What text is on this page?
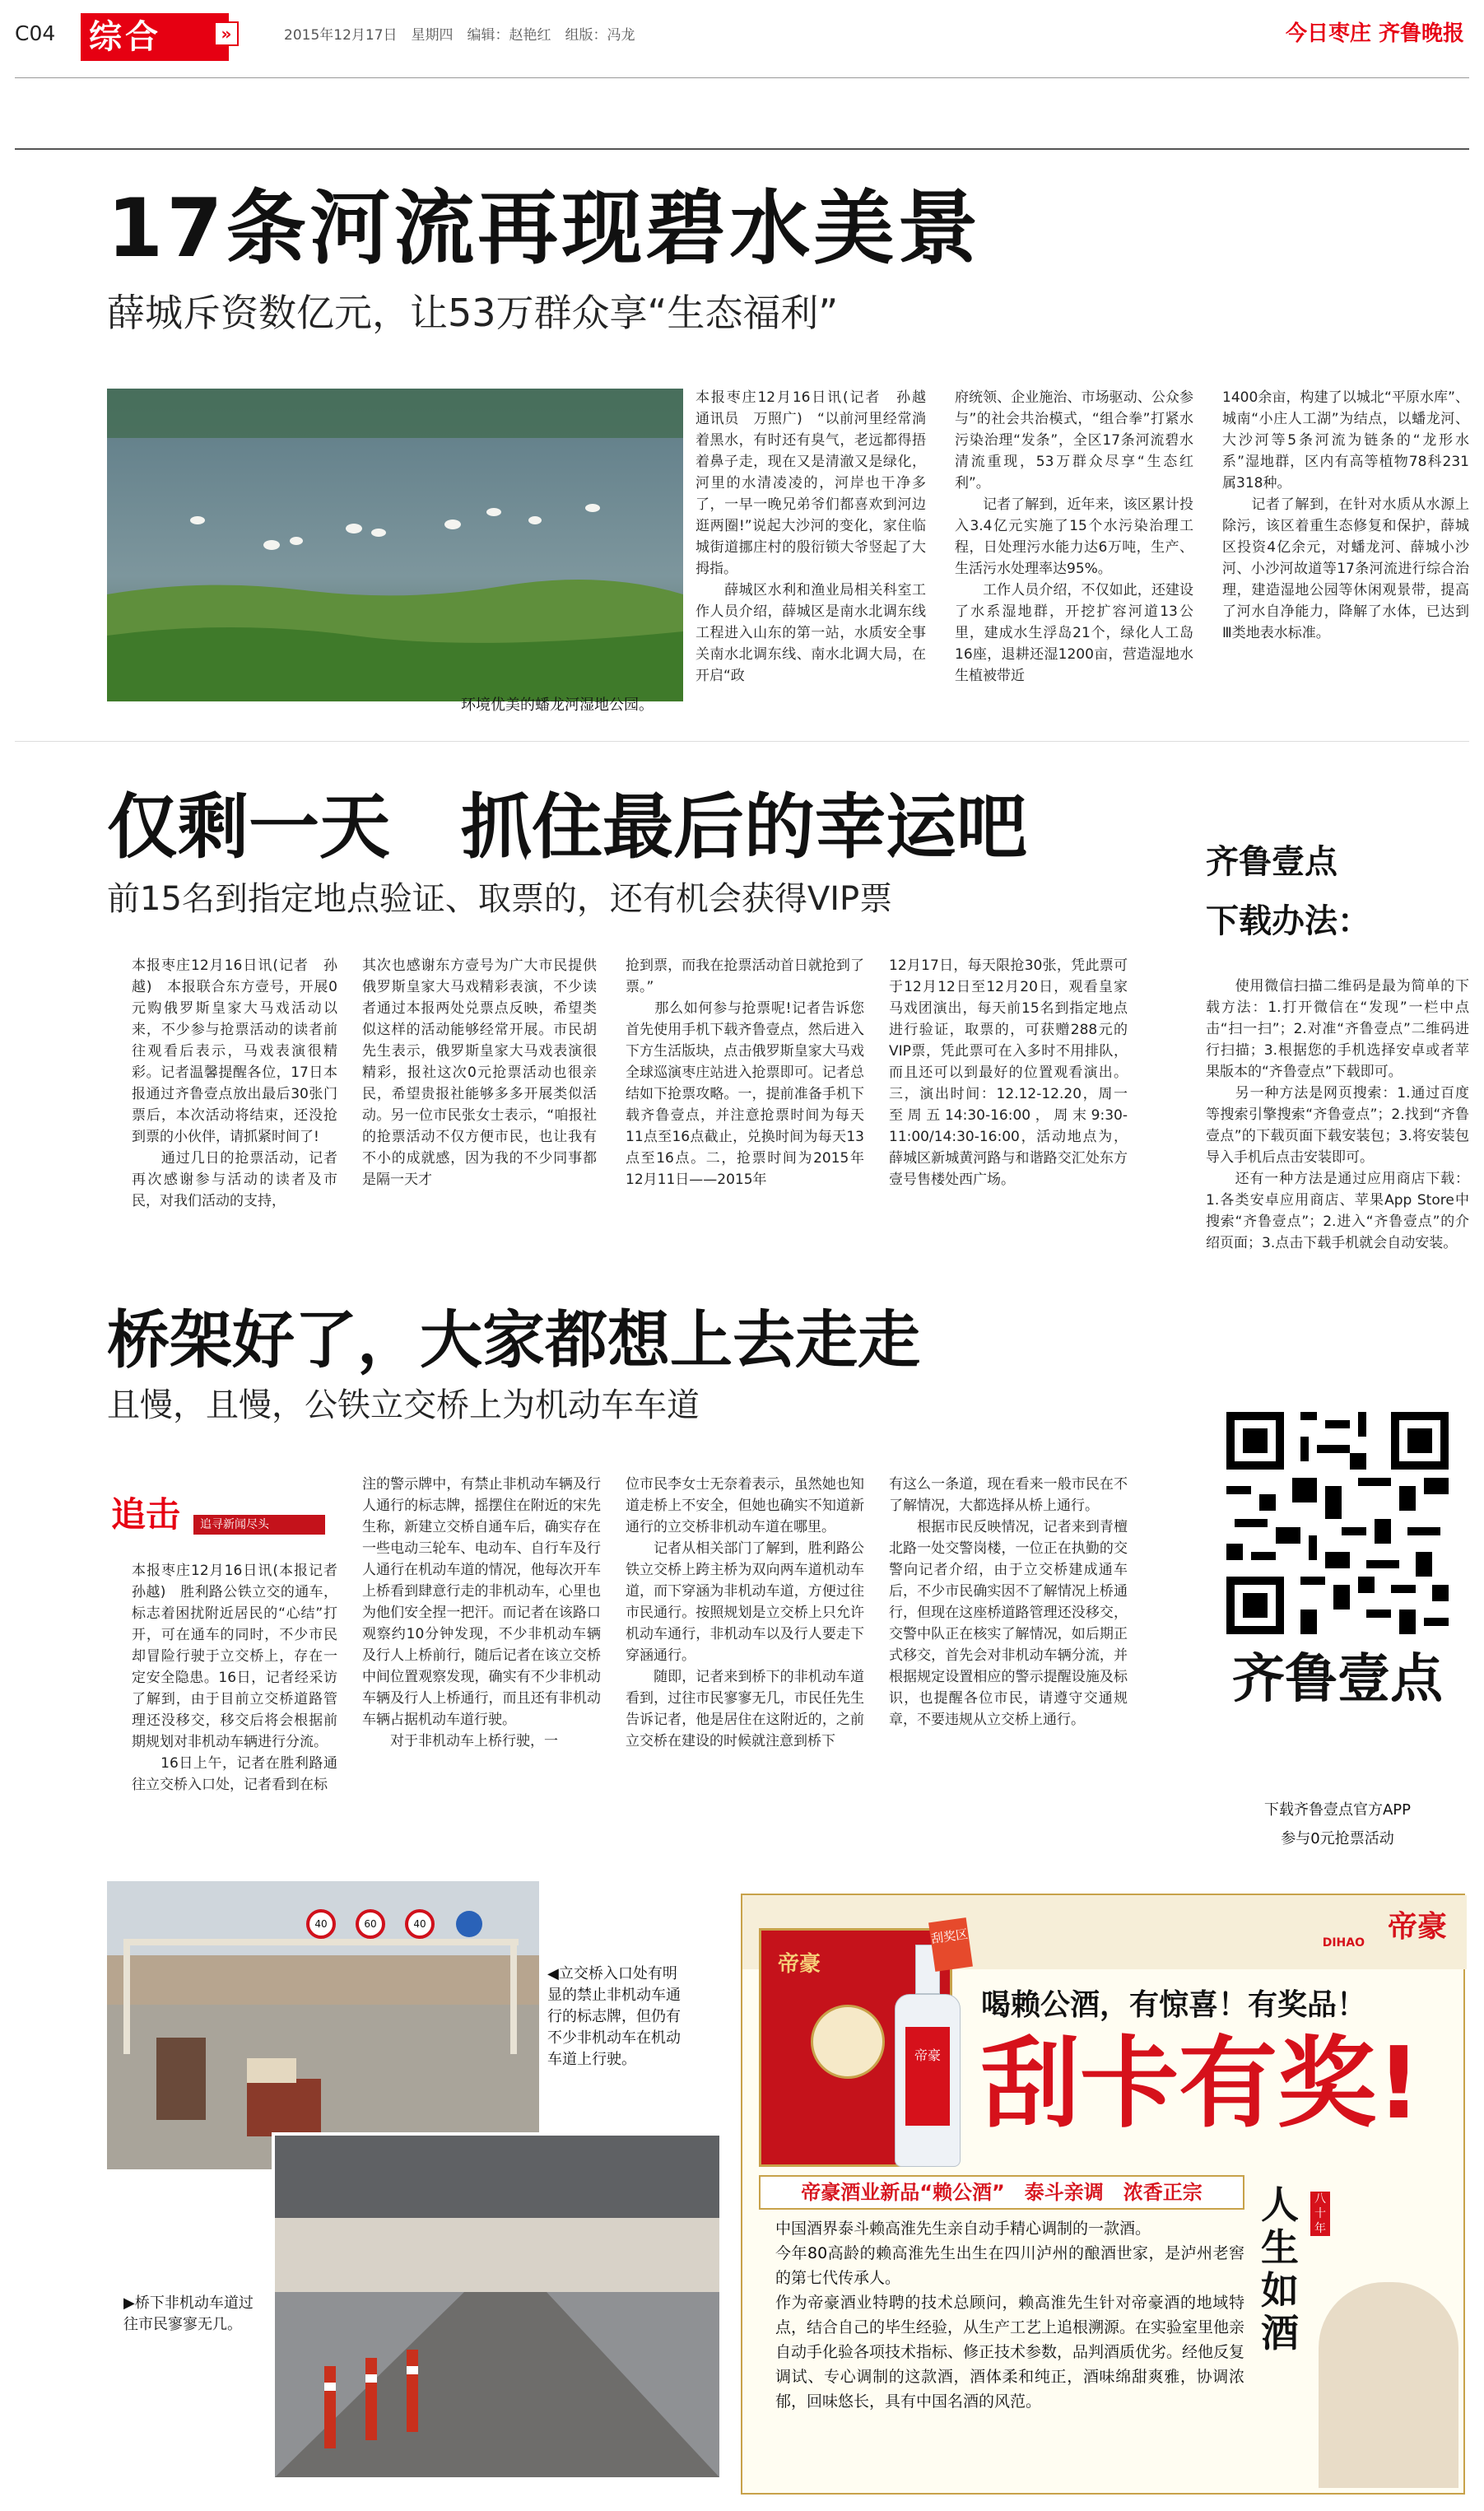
C04 综合	»	2015年12月17日　星期四　编辑：赵艳红　组版：冯龙	今日枣庄 齐鲁晚报
17条河流再现碧水美景
薛城斥资数亿元，让53万群众享“生态福利”
环境优美的蟠龙河湿地公园。
本报枣庄12月16日讯(记者　孙越　通讯员　万照广)　“以前河里经常淌着黑水，有时还有臭气，老远都得捂着鼻子走，现在又是清澈又是绿化，河里的水清凌凌的，河岸也干净多了，一早一晚兄弟爷们都喜欢到河边逛两圈!”说起大沙河的变化，家住临城街道挪庄村的殷衍锁大爷竖起了大拇指。
　　薛城区水利和渔业局相关科室工作人员介绍，薛城区是南水北调东线工程进入山东的第一站，水质安全事关南水北调东线、南水北调大局，在开启“政
府统领、企业施治、市场驱动、公众参与”的社会共治模式，“组合拳”打紧水污染治理“发条”，全区17条河流碧水清流重现，53万群众尽享“生态红利”。
　　记者了解到，近年来，该区累计投入3.4亿元实施了15个水污染治理工程，日处理污水能力达6万吨，生产、生活污水处理率达95%。
　　工作人员介绍，不仅如此，还建设了水系湿地群，开挖扩容河道13公里，建成水生浮岛21个，绿化人工岛16座，退耕还湿1200亩，营造湿地水生植被带近
1400余亩，构建了以城北“平原水库”、城南“小庄人工湖”为结点，以蟠龙河、大沙河等5条河流为链条的“龙形水系”湿地群，区内有高等植物78科231属318种。
　　记者了解到，在针对水质从水源上除污，该区着重生态修复和保护，薛城区投资4亿余元，对蟠龙河、薛城小沙河、小沙河故道等17条河流进行综合治理，建造湿地公园等休闲观景带，提高了河水自净能力，降解了水体，已达到Ⅲ类地表水标准。
仅剩一天　抓住最后的幸运吧
前15名到指定地点验证、取票的，还有机会获得VIP票
本报枣庄12月16日讯(记者　孙越)　本报联合东方壹号，开展0元购俄罗斯皇家大马戏活动以来，不少参与抢票活动的读者前往观看后表示，马戏表演很精彩。记者温馨提醒各位，17日本报通过齐鲁壹点放出最后30张门票后，本次活动将结束，还没抢到票的小伙伴，请抓紧时间了!
　　通过几日的抢票活动，记者再次感谢参与活动的读者及市民，对我们活动的支持，
其次也感谢东方壹号为广大市民提供俄罗斯皇家大马戏精彩表演，不少读者通过本报两处兑票点反映，希望类似这样的活动能够经常开展。市民胡先生表示，俄罗斯皇家大马戏表演很精彩，报社这次0元抢票活动也很亲民，希望贵报社能够多多开展类似活动。另一位市民张女士表示，“咱报社的抢票活动不仅方便市民，也让我有不小的成就感，因为我的不少同事都是隔一天才
抢到票，而我在抢票活动首日就抢到了票。”
　　那么如何参与抢票呢!记者告诉您首先使用手机下载齐鲁壹点，然后进入下方生活版块，点击俄罗斯皇家大马戏全球巡演枣庄站进入抢票即可。记者总结如下抢票攻略。一，提前准备手机下载齐鲁壹点，并注意抢票时间为每天11点至16点截止，兑换时间为每天13点至16点。二，抢票时间为2015年12月11日——2015年
12月17日，每天限抢30张，凭此票可于12月12日至12月20日，观看皇家马戏团演出，每天前15名到指定地点进行验证，取票的，可获赠288元的VIP票，凭此票可在入多时不用排队，而且还可以到最好的位置观看演出。三，演出时间：12.12-12.20，周一至周五14:30-16:00，周末9:30-11:00/14:30-16:00，活动地点为，薛城区新城黄河路与和谐路交汇处东方壹号售楼处西广场。
齐鲁壹点
下载办法：
　　使用微信扫描二维码是最为简单的下载方法：1.打开微信在“发现”一栏中点击“扫一扫”；2.对准“齐鲁壹点”二维码进行扫描；3.根据您的手机选择安卓或者苹果版本的“齐鲁壹点”下载即可。
　　另一种方法是网页搜索：1.通过百度等搜索引擎搜索“齐鲁壹点”；2.找到“齐鲁壹点”的下载页面下载安装包；3.将安装包导入手机后点击安装即可。
　　还有一种方法是通过应用商店下载：1.各类安卓应用商店、苹果App Store中搜索“齐鲁壹点”；2.进入“齐鲁壹点”的介绍页面；3.点击下载手机就会自动安装。
齐鲁壹点
下载齐鲁壹点官方APP
参与0元抢票活动
桥架好了，大家都想上去走走
且慢，且慢，公铁立交桥上为机动车车道
追击	追寻新闻尽头
本报枣庄12月16日讯(本报记者　孙越)　胜利路公铁立交的通车，标志着困扰附近居民的“心结”打开，可在通车的同时，不少市民却冒险行驶于立交桥上，存在一定安全隐患。16日，记者经采访了解到，由于目前立交桥道路管理还没移交，移交后将会根据前期规划对非机动车辆进行分流。
　　16日上午，记者在胜利路通往立交桥入口处，记者看到在标
注的警示牌中，有禁止非机动车辆及行人通行的标志牌，摇摆住在附近的宋先生称，新建立交桥自通车后，确实存在一些电动三轮车、电动车、自行车及行人通行在机动车道的情况，他每次开车上桥看到肆意行走的非机动车，心里也为他们安全捏一把汗。而记者在该路口观察约10分钟发现，不少非机动车辆及行人上桥前行，随后记者在该立交桥中间位置观察发现，确实有不少非机动车辆及行人上桥通行，而且还有非机动车辆占据机动车道行驶。
　　对于非机动车上桥行驶，一
位市民李女士无奈着表示，虽然她也知道走桥上不安全，但她也确实不知道新通行的立交桥非机动车道在哪里。
　　记者从相关部门了解到，胜利路公铁立交桥上跨主桥为双向两车道机动车道，而下穿涵为非机动车道，方便过往市民通行。按照规划是立交桥上只允许机动车通行，非机动车以及行人要走下穿涵通行。
　　随即，记者来到桥下的非机动车道看到，过往市民寥寥无几，市民任先生告诉记者，他是居住在这附近的，之前立交桥在建设的时候就注意到桥下
有这么一条道，现在看来一般市民在不了解情况，大都选择从桥上通行。
　　根据市民反映情况，记者来到青檀北路一处交警岗楼，一位正在执勤的交警向记者介绍，由于立交桥建成通车后，不少市民确实因不了解情况上桥通行，但现在这座桥道路管理还没移交，交警中队正在核实了解情况，如后期正式移交，首先会对非机动车辆分流，并根据规定设置相应的警示提醒设施及标识，也提醒各位市民，请遵守交通规章，不要违规从立交桥上通行。
40	60	40
◀立交桥入口处有明显的禁止非机动车通行的标志牌，但仍有不少非机动车在机动车道上行驶。
▶桥下非机动车道过往市民寥寥无几。
帝豪
DIHAO
帝豪
帝豪
刮奖区
喝赖公酒，有惊喜！有奖品！
刮卡有奖!
帝豪酒业新品“赖公酒”　泰斗亲调　浓香正宗
中国酒界泰斗赖高淮先生亲自动手精心调制的一款酒。
今年80高龄的赖高淮先生出生在四川泸州的酿酒世家，是泸州老窖的第七代传承人。
作为帝豪酒业特聘的技术总顾问，赖高淮先生针对帝豪酒的地域特点，结合自己的毕生经验，从生产工艺上追根溯源。在实验室里他亲自动手化验各项技术指标、修正技术参数，品判酒质优劣。经他反复调试、专心调制的这款酒，酒体柔和纯正，酒味绵甜爽雅，协调浓郁，回味悠长，具有中国名酒的风范。
人生如酒
八十年
